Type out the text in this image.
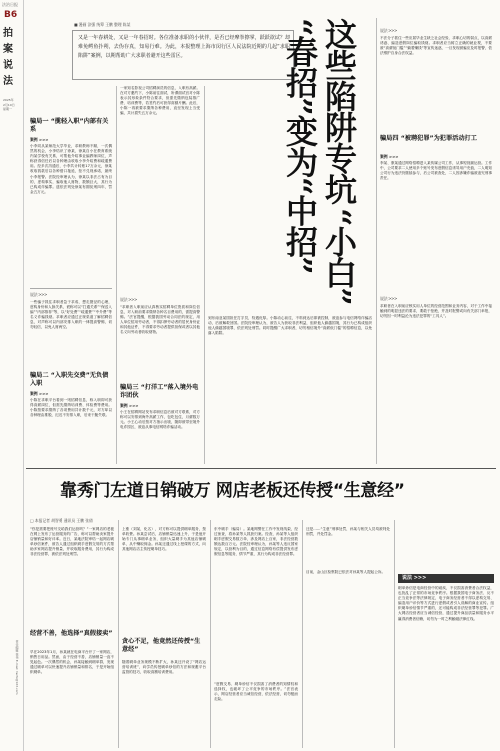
法治日报
B6
拍案说法
2025年
2月10日
星期一
责任编辑 徐伟 E-mail: fazhi@163.com
■ 漫画 涂强 统筹 王鹏 整理 陈某
又是一年春耕处，又是一年春招时。各位准备求职的小伙伴，是否已经摩拳擦掌，跃跃欲试？却难免鳄鱼扑朔，去伪存真，知易行难。为此，本报整理上海市闵行区人民法院近期的几起“求职陷阱”案例，以期帮助广大求职者避开这些雷区。	这些陷阱专坑
“小白”
“春招”变为“中招”
骗局一 “揽轻入职”内部有关系
案例 >>>
小李同从某师范大学毕业，求职教师不顺，一次偶然的机会，小李结识了徐某，徐某自小在教育系统内某学校有关系，可帮他介绍事业编教师岗位，声称获得信任后以各种理由收取小李介绍费和疏通费用。经多次沟通后，小李共计转账17万余元，徐某收取钱款后以各种借口拖延，拒不兑现承诺，最终小李报警。法院经审理认为，徐某以非法占有为目的，虚构事实，骗取他人财物，数额巨大，其行为已构成诈骗罪。遂依法判处徐某有期徒刑四年，罚金五万元。
说法 >>>
一些骗子抓住求职者急于求成、想走捷径的心理，虚构身份和人脉关系，谎称可以“打通关系”“保送入编”“内部推荐”等，以“好处费”“疏通费”“中介费”等名义诈骗钱财。求职者应通过正规渠道了解招聘信息，对声称可以内部安排入职的一律提高警惕，切勿轻信，以免人财两空。
骗局二 “入职先交费”无负债入职
案例 >>>
小陈在求职平台看到一则招聘信息，称入职即可获得高薪岗位，但需先缴纳培训费、体检费等费用。小陈按要求缴纳了各项费用共计数千元，对方却以各种理由推脱，迟迟不安排入职，后来干脆失联。
一家知名影视公司招聘演员的信息，入职有高薪。在对方邀约下，小陈前往面试，所谓面试官对小陈表示其形象条件符合要求，但需先缴纳包装推广费、培训费等，若签约后可获得高额片酬。此后，小陈一再被要求缴纳各种费用，直至发现上当受骗，共计损失五万余元。
说法 >>>
“求职者入职前应认真核实招聘单位资质和岗位信息，对入职前要求缴纳各种名目费用的，需提高警惕。”法官提醒，根据我国劳动合同法的规定，用人单位招用劳动者，不得扣押劳动者的居民身份证和其他证件，不得要求劳动者提供担保或者以其他名义向劳动者收取财物。
骗局三 “打洋工”落入境外电诈团伙
案例 >>>
小王在招聘网站发布求职信息后被对方联系，对方称可以安排到海外高薪工作，包吃包住，月薪数万元。小王心动后按对方指示出境，随即被带至境外电诈园区，被迫从事电信网络诈骗活动。
到东南亚某国担任打字员，待遇优厚。小陈动心前往，不料到达后即被控制，被迫参与电信网络诈骗活动，后被解救回国。法院经审理认为，被告人为获取非法利益，组织他人偷越国境，其行为已构成组织他人偷越国境罪，依法判处刑罚。同时提醒广大求职者，切勿相信境外“高薪低门槛”的招聘信息，以免落入陷阱。
说法 >>>
不法分子抓住一些应届毕业生缺乏社会经验、求职心切的弱点，以高薪诱惑、编造虚假岗位骗取钱财。求职者应当树立正确的就业观，不要被“高薪低门槛”“躺着赚钱”等宣传迷惑，一旦发现被骗应及时报警，依法维护自身合法权益。
骗局四 “被聘犯罪”为犯罪活动打工
案例 >>>
李某、康某通过网络招聘进入某传媒公司工作，从事短视频运营。工作中，公司要求二人使用多个账号发布虚假信息诱导用户充值，二人明知公司行为违法仍继续参与，后公司被查处，二人因涉嫌诈骗被追究刑事责任。
说法 >>>
求职者在入职前应核实用人单位的经营范围和业务内容，对于工作中接触到的明显违法的要求，要敢于拒绝，并及时报警或向有关部门举报，切勿因一时利益沦为违法犯罪的“工具人”。
靠秀门左道日销破万 网店老板还传授“生意经”
□ 本报记者 胡智勇 通讯员 王鹏 张倩
“你是需要把账号交给我们运营吗？”一家网店的老板在网上发布了运营服务的广告，称可以帮助卖家提升店铺销量和好评率。近日，某地法院审结一起网店刷单炒信案件，被告人通过组织刷手虚假交易的方式帮助多家网店提升销量，并收取服务费用，其行为构成非法经营罪，被依法判处刑罚。
经营不善，他选择“真假接卖”
早在2023年1月，孙某就在电商平台开了一家网店，销售日用品。然而，由于经营不善，店铺销量一直不见起色。一次偶然的机会，孙某接触到刷单群，发现通过刷单可以快速提升店铺销量和排名，于是开始组织刷单。
上涨（刘某，化名），对方称可以提供刷单服务，按单收费。孙某尝试后，店铺销量迅速上升，于是他开始专门从事刷单业务，组织大量刷手为其他店铺刷单，从中赚取佣金。孙某还通过线上授课的方式，向其他网店店主传授刷单技巧。
贪心不足，他竟然还传授“生意经”
随着刷单业务规模不断扩大，孙某还开设了“网店运营培训班”，向学员传授刷单炒信的方法和规避平台监管的技巧，收取高额培训费用。
东中刷手（骗局）。某地网警在工作中发现线索，经过侦查，将孙某等人抓获归案。经查，孙某等人组织刷手虚假交易数万单，涉及网店上百家，非法经营数额达数百万元。法院经审理认为，孙某等人违反国家规定，以营利为目的，通过信息网络有偿提供发布虚假信息等服务，情节严重，其行为构成非法经营罪。
“虚假交易、刷单炒信不仅损害了消费者的知情权和选择权，也破坏了公平竞争的市场秩序。”法官表示，网店经营者应当诚信经营，依法经营，切勿铤而走险。
还是……“生意”刑事处罚，孙某与相关人员均被判处刑罚，并处罚金。
目前，金山区检察院已依法对孙某等人提起公诉。
说法 >>>
刷单炒信是电商经营中的顽疾，不仅损害消费者合法权益，也扰乱了正常的市场竞争秩序。根据我国电子商务法、反不正当竞争法等法律规定，电子商务经营者不得以虚构交易、编造用户评价等方式进行虚假或者引人误解的商业宣传。组织刷单炒信情节严重的，还可能构成非法经营罪等犯罪。广大网店经营者应当诚信经营，通过提升商品质量和服务水平赢得消费者信赖，切勿为一时之利触碰法律红线。
